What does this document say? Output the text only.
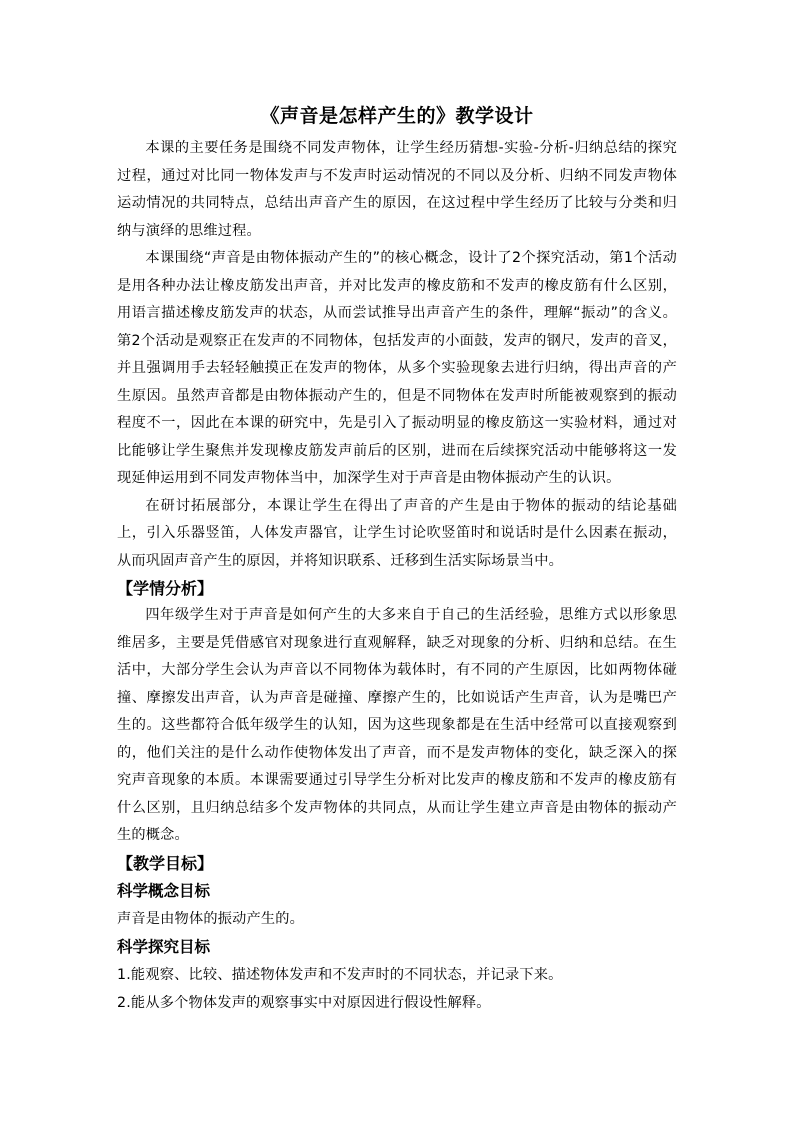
《声音是怎样产生的》教学设计

本课的主要任务是围绕不同发声物体，让学生经历猜想-实验-分析-归纳总结的探究过程，通过对比同一物体发声与不发声时运动情况的不同以及分析、归纳不同发声物体运动情况的共同特点，总结出声音产生的原因，在这过程中学生经历了比较与分类和归纳与演绎的思维过程。

本课围绕“声音是由物体振动产生的”的核心概念，设计了2个探究活动，第1个活动是用各种办法让橡皮筋发出声音，并对比发声的橡皮筋和不发声的橡皮筋有什么区别，用语言描述橡皮筋发声的状态，从而尝试推导出声音产生的条件，理解“振动”的含义。第2个活动是观察正在发声的不同物体，包括发声的小面鼓，发声的钢尺，发声的音叉，并且强调用手去轻轻触摸正在发声的物体，从多个实验现象去进行归纳，得出声音的产生原因。虽然声音都是由物体振动产生的，但是不同物体在发声时所能被观察到的振动程度不一，因此在本课的研究中，先是引入了振动明显的橡皮筋这一实验材料，通过对比能够让学生聚焦并发现橡皮筋发声前后的区别，进而在后续探究活动中能够将这一发现延伸运用到不同发声物体当中，加深学生对于声音是由物体振动产生的认识。

在研讨拓展部分，本课让学生在得出了声音的产生是由于物体的振动的结论基础上，引入乐器竖笛，人体发声器官，让学生讨论吹竖笛时和说话时是什么因素在振动，从而巩固声音产生的原因，并将知识联系、迁移到生活实际场景当中。

【学情分析】

四年级学生对于声音是如何产生的大多来自于自己的生活经验，思维方式以形象思维居多，主要是凭借感官对现象进行直观解释，缺乏对现象的分析、归纳和总结。在生活中，大部分学生会认为声音以不同物体为载体时，有不同的产生原因，比如两物体碰撞、摩擦发出声音，认为声音是碰撞、摩擦产生的，比如说话产生声音，认为是嘴巴产生的。这些都符合低年级学生的认知，因为这些现象都是在生活中经常可以直接观察到的，他们关注的是什么动作使物体发出了声音，而不是发声物体的变化，缺乏深入的探究声音现象的本质。本课需要通过引导学生分析对比发声的橡皮筋和不发声的橡皮筋有什么区别，且归纳总结多个发声物体的共同点，从而让学生建立声音是由物体的振动产生的概念。

【教学目标】
科学概念目标

声音是由物体的振动产生的。

科学探究目标

1.能观察、比较、描述物体发声和不发声时的不同状态，并记录下来。

2.能从多个物体发声的观察事实中对原因进行假设性解释。
